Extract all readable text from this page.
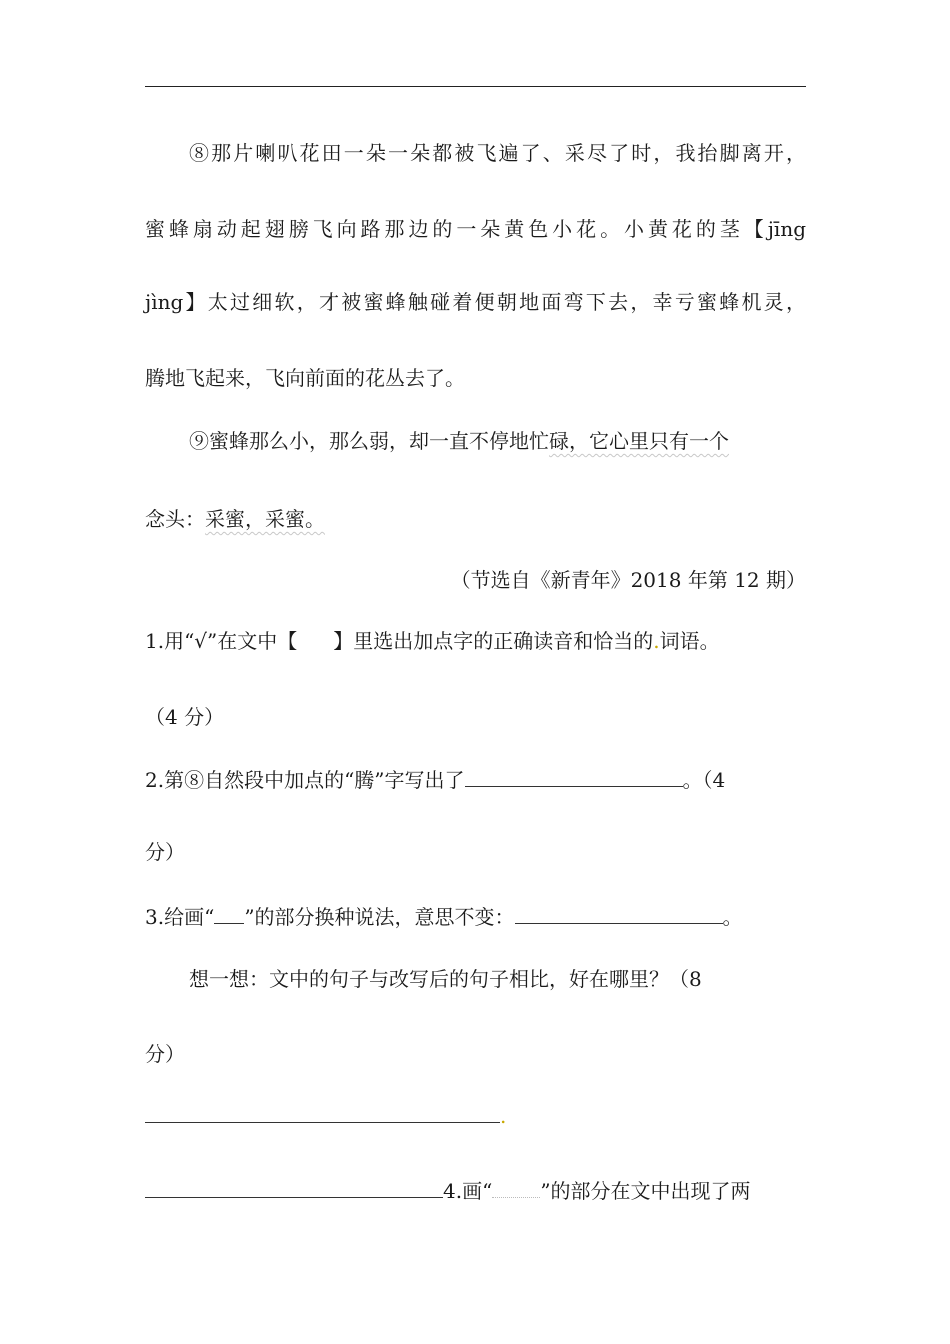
⑧那片喇叭花田一朵一朵都被飞遍了、采尽了时，我抬脚离开，
蜜蜂扇动起翅膀飞向路那边的一朵黄色小花。小黄花的茎【jīng
jìng】太过细软，才被蜜蜂触碰着便朝地面弯下去，幸亏蜜蜂机灵，
腾地飞起来，飞向前面的花丛去了。
⑨蜜蜂那么小，那么弱，却一直不停地忙碌，它心里只有一个
念头：采蜜，采蜜。
（节选自《新青年》2018 年第 12 期）
1.用“√”在文中【 】里选出加点字的正确读音和恰当的.词语。
（4 分）
2.第⑧自然段中加点的“腾”字写出了	。（4
分）
3.给画“ ”的部分换种说法，意思不变：	。
想一想：文中的句子与改写后的句子相比，好在哪里？（8
分）
.
4.画“ ”的部分在文中出现了两
